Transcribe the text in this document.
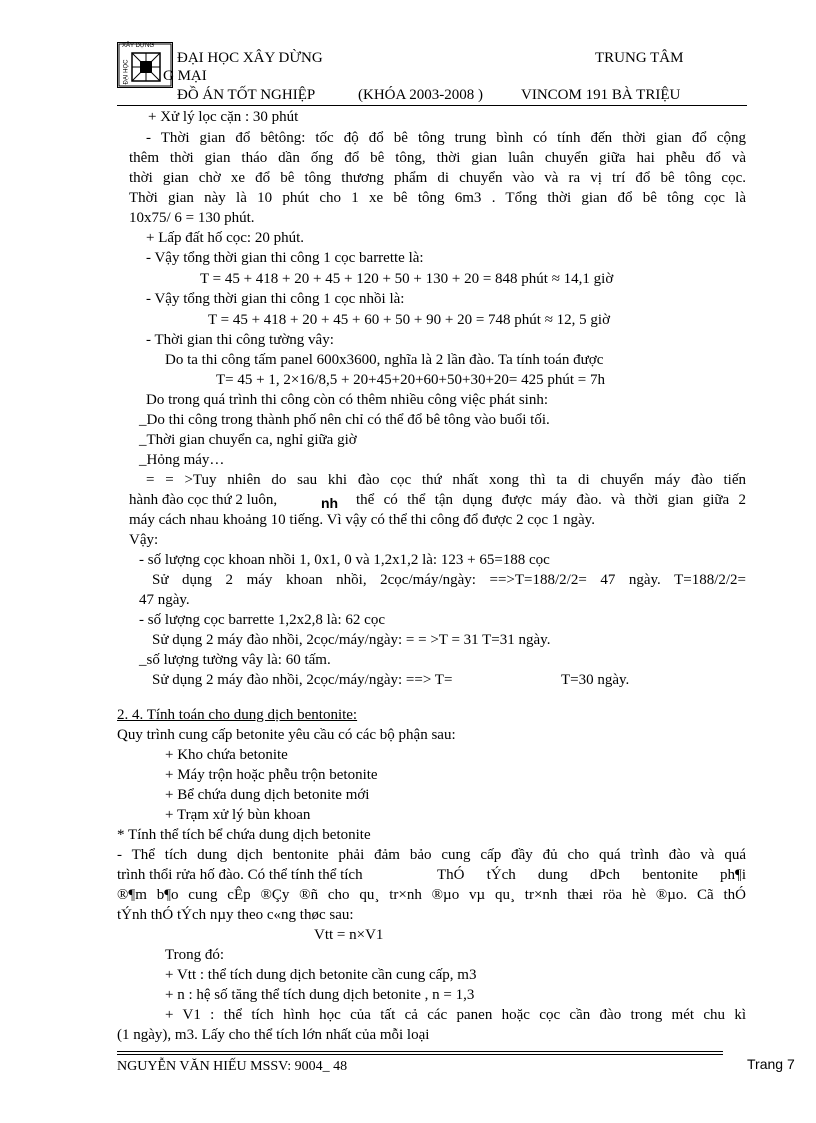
XÂY DỰNG
ĐẠI HỌC
ĐẠI HỌC XÂY DỪNG	TRUNG TÂM
G MẠI
ĐỒ ÁN TỐT NGHIỆP	(KHÓA 2003-2008 )	VINCOM 191 BÀ TRIỆU
+ Xử lý lọc cặn : 30 phút
- Thời gian đổ bêtông: tốc độ đổ bê tông trung bình có tính đến thời gian đổ cộng
thêm thời gian tháo dần ống đổ bê tông, thời gian luân chuyển giữa hai phễu đổ và
thời gian chờ xe đổ bê tông thương phẩm di chuyển vào và ra vị trí đổ bê tông cọc.
Thời gian này là 10 phút cho 1 xe bê tông 6m3 . Tổng thời gian đổ bê tông cọc là
10x75/ 6 = 130 phút.
+ Lấp đất hố cọc: 20 phút.
- Vậy tổng thời gian thi công 1 cọc barrette là:
T = 45 + 418 + 20 + 45 + 120 + 50 + 130 + 20 = 848 phút ≈ 14,1 giờ
- Vậy tổng thời gian thi công 1 cọc nhồi là:
T = 45 + 418 + 20 + 45 + 60 + 50 + 90 + 20 = 748 phút ≈ 12, 5 giờ
- Thời gian thi công tường vây:
Do ta thi công tấm panel 600x3600, nghĩa là 2 lần đào. Ta tính toán được
T= 45 + 1, 2×16/8,5 + 20+45+20+60+50+30+20= 425 phút = 7h
Do trong quá trình thi công còn có thêm nhiều công việc phát sinh:
_Do thi công trong thành phố nên chỉ có thể đổ bê tông vào buổi tối.
_Thời gian chuyển ca, nghỉ giữa giờ
_Hỏng máy…
= = >Tuy nhiên do sau khi đào cọc thứ nhất xong thì ta di chuyển máy đào tiến
hành đào cọc thứ 2 luôn,	nh thể có thể tận dụng được máy đào. và thời gian giữa 2
máy cách nhau khoảng 10 tiếng. Vì vậy có thể thi công đổ được 2 cọc 1 ngày.
Vậy:
- số lượng cọc khoan nhồi 1, 0x1, 0 và 1,2x1,2 là: 123 + 65=188 cọc
Sử dụng 2 máy khoan nhồi, 2cọc/máy/ngày: ==>T=188/2/2= 47 ngày. T=188/2/2=
47 ngày.
- số lượng cọc barrette 1,2x2,8 là: 62 cọc
Sử dụng 2 máy đào nhồi, 2cọc/máy/ngày: = = >T = 31 T=31 ngày.
_số lượng tường vây là: 60 tấm.
Sử dụng 2 máy đào nhồi, 2cọc/máy/ngày: ==> T=	T=30 ngày.
2. 4. Tính toán cho dung dịch bentonite:
Quy trình cung cấp betonite yêu cầu có các bộ phận sau:
+ Kho chứa betonite
+ Máy trộn hoặc phễu trộn betonite
+ Bể chứa dung dịch betonite mới
+ Trạm xử lý bùn khoan
* Tính thể tích bể chứa dung dịch betonite
- Thể tích dung dịch bentonite phải đảm bảo cung cấp đầy đủ cho quá trình đào và quá
trình thổi rửa hố đào. Có thể tính thể tích	ThÓ tÝch dung dÞch bentonite ph¶i
®¶m b¶o cung cÊp ®Çy ®ñ cho qu¸ tr×nh ®µo vµ qu¸ tr×nh thæi röa hè ®µo. Cã thÓ
tÝnh thÓ tÝch nµy theo c«ng thøc sau:
Vtt = n×V1
Trong đó:
+ Vtt : thể tích dung dịch betonite cần cung cấp, m3
+ n : hệ số tăng thể tích dung dịch betonite , n = 1,3
+ V1 : thể tích hình học của tất cả các panen hoặc cọc cần đào trong mét chu kì
(1 ngày), m3. Lấy cho thể tích lớn nhất của mỗi loại
NGUYỄN VĂN HIẾU MSSV: 9004_ 48	Trang 7
